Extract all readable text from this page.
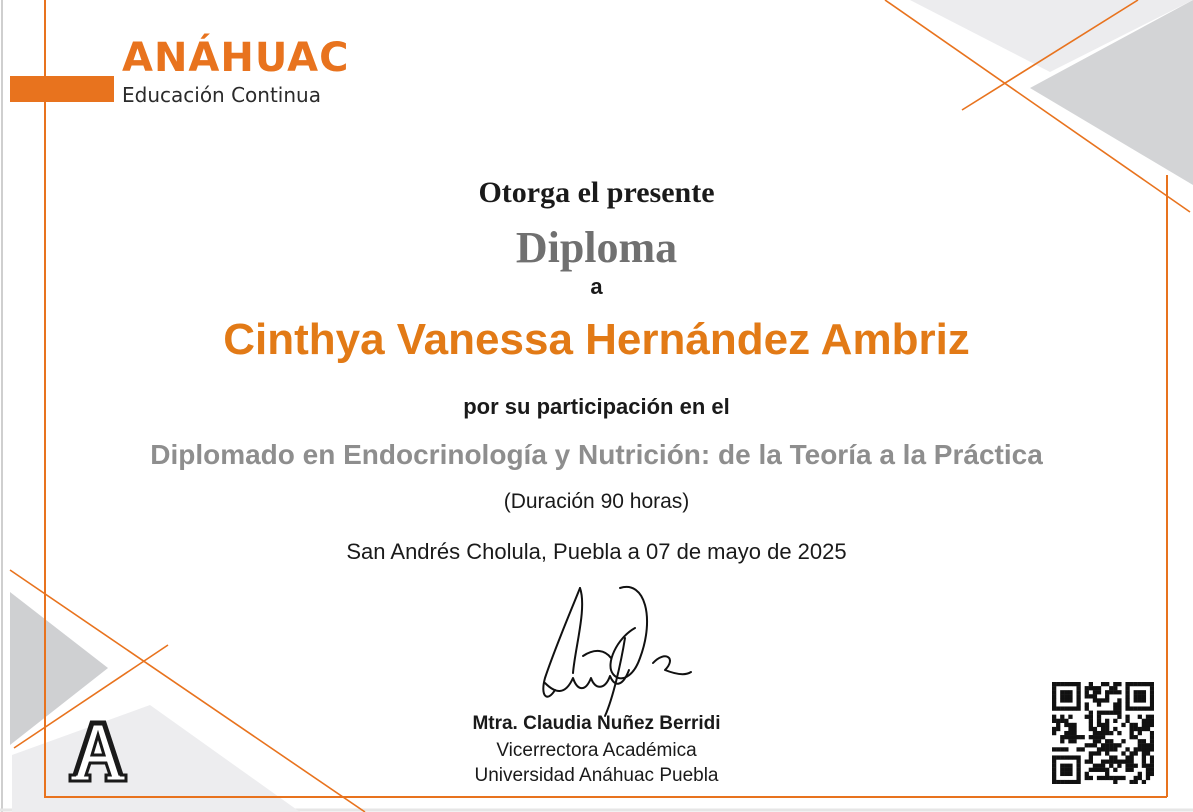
ANÁHUAC
Educación Continua
Otorga el presente
Diploma
a
Cinthya Vanessa Hernández Ambriz
por su participación en el
Diplomado en Endocrinología y Nutrición: de la Teoría a la Práctica
(Duración 90 horas)
San Andrés Cholula, Puebla a 07 de mayo de 2025
Mtra. Claudia Nuñez Berridi
Vicerrectora Académica
Universidad Anáhuac Puebla
